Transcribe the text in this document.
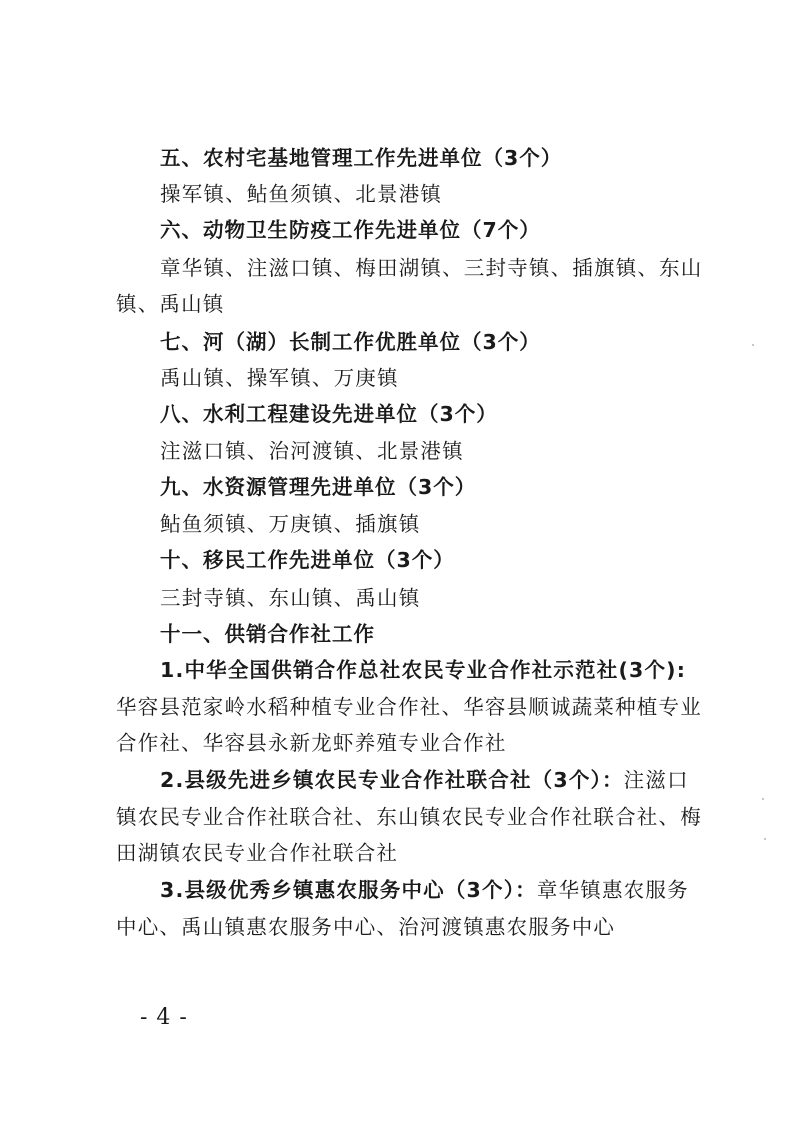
五、农村宅基地管理工作先进单位（3个）
操军镇、鲇鱼须镇、北景港镇
六、动物卫生防疫工作先进单位（7个）
章华镇、注滋口镇、梅田湖镇、三封寺镇、插旗镇、东山
镇、禹山镇
七、河（湖）长制工作优胜单位（3个）
禹山镇、操军镇、万庚镇
八、水利工程建设先进单位（3个）
注滋口镇、治河渡镇、北景港镇
九、水资源管理先进单位（3个）
鲇鱼须镇、万庚镇、插旗镇
十、移民工作先进单位（3个）
三封寺镇、东山镇、禹山镇
十一、供销合作社工作
1.中华全国供销合作总社农民专业合作社示范社(3个):
华容县范家岭水稻种植专业合作社、华容县顺诚蔬菜种植专业
合作社、华容县永新龙虾养殖专业合作社
2.县级先进乡镇农民专业合作社联合社（3个）：注滋口
镇农民专业合作社联合社、东山镇农民专业合作社联合社、梅
田湖镇农民专业合作社联合社
3.县级优秀乡镇惠农服务中心（3个）：章华镇惠农服务
中心、禹山镇惠农服务中心、治河渡镇惠农服务中心
- 4 -
